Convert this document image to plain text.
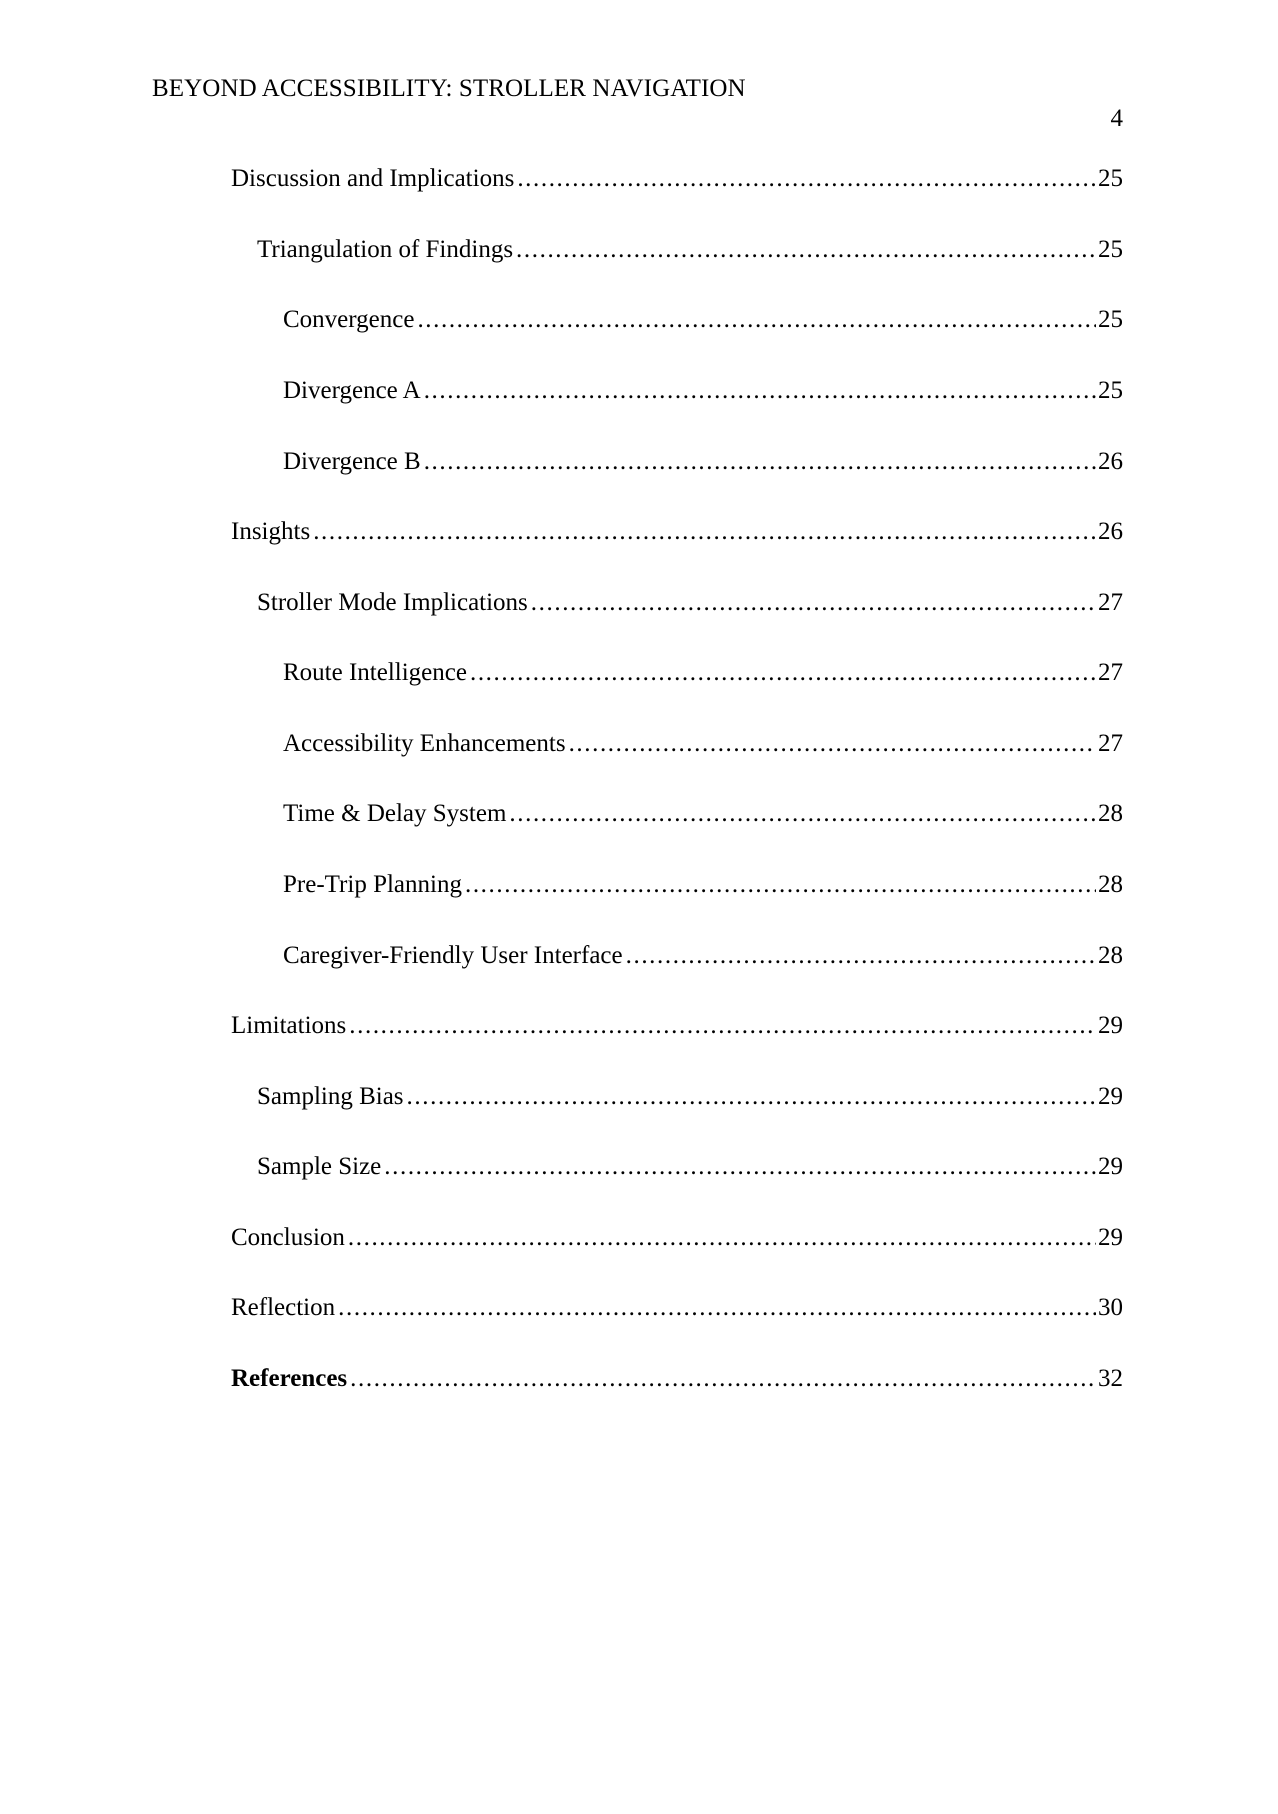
BEYOND ACCESSIBILITY: STROLLER NAVIGATION
4
Discussion and Implications .....	25
Triangulation of Findings .....	25
Convergence .....	25
Divergence A .....	25
Divergence B .....	26
Insights .....	26
Stroller Mode Implications .....	27
Route Intelligence .....	27
Accessibility Enhancements .....	27
Time & Delay System .....	28
Pre-Trip Planning .....	28
Caregiver-Friendly User Interface .....	28
Limitations .....	29
Sampling Bias .....	29
Sample Size .....	29
Conclusion .....	29
Reflection .....	30
References .....	32
